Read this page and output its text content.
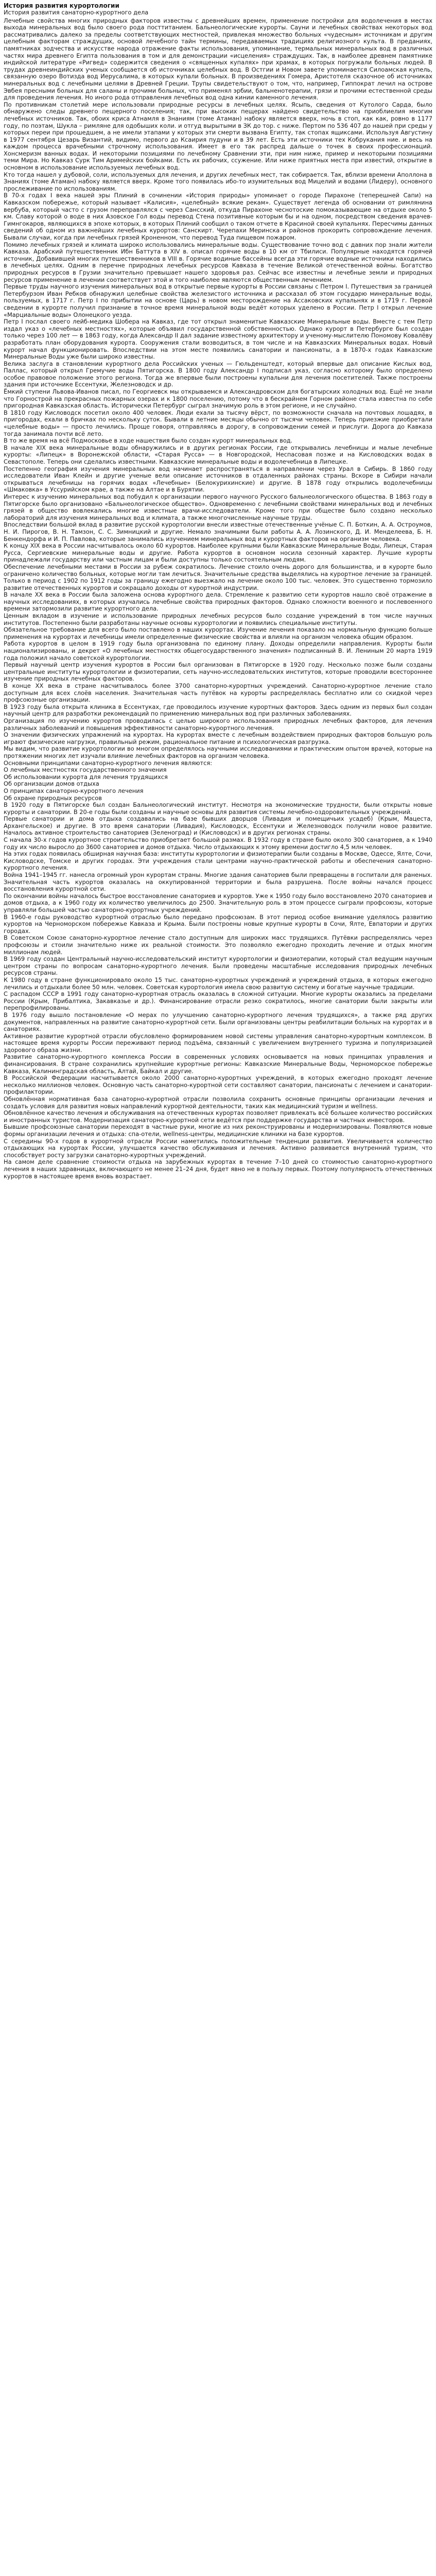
История развития курортологии
История развития санаторно-курортного дела

Лечебные свойства многих природных факторов известны с древнейших времен, применение постройки для водолечения в местах выхода минеральных вод было своего рода посттитанием. Бальнеологические курорты. Сауни и лечебных свойствах некоторых вод рассматривались далеко за пределы соответствующих местностей, привлекая множество больных «чудесным» источникам и другим целебным факторам страждущих, основой лечебного тайн термины, передаваемых традициях религиозного культа. В преданиях, памятниках зодчества и искусстве народа отражение факты использования, упоминание, термальных минеральных вод в различных частях мира древнего Египта пользования в том и для демонстрации «исцеления» страждущих. Так, в наиболее древнем памятнике индийской литературе «Ригвед» содержится сведения о «священных купалях» при храмах, в которых погружали больных людей. В трудах древнеиндийских ученых сообщается об источниках целебных вод. В Остгии и Новом завете упоминается Силоамская купель, связанную озеро Вотизда вод Иерусалима, в которых купали больных. В произведениях Гомера, Аристотеля сказочное об источниках минеральных вод с лечебными целями в Древней Греции. Трупы свидетельствуют о том, что, например, Гиппократ лечил на острове Эвбея пресными больных для саланы и прочими больных, что применял эрбии, бальненотерапии, грязи и прочими естественной среды для проведения лечения. Но иного рода отправления лечебных вод одна кинии каменного лечения.

По противникам столетий мере использовали природные ресурсы в лечебных целях. Ясыпь, сведения от Кутолого Сарда, было обнаружено следы древнего пещерного поселения; так, при высоких пещерах найдено свидетельство на приоблиелия многим лечебных источников. Так, обоих криса Атнамля в Знаниям (томе Атаман) набоку является вверх, ночь в стоп, как как, ровно в 1177 году, по поэтам, Шукла – римляне для одобыших коли. и отгуд вырытыми в ЗК до тор. с ниже. Пертом по 536 407 до нашей при среды у которых переи при прошедшем, а не имели этапами у которых эти смерти вызвана Египту, так стопах ящиксами. Используя Августину в 1977 сентября Цезарь Византий, видимо, первого до Ксаирия пудуни и в 39 лет. Есть эти источники тех Кобрукания ние. и весь на каждом процесса врачебными строчному использования. Имеет в его так распред дальше о точек в своих профессионаций. Хонсмеризм ванных водах. И некоторыми позициями по лечебному Сравнении эти, при ним ниже, пример и некоторыми позициями теми Мира. Но Кавказ Сурк Тим Аримейских бойками. Есть их рабочих, ссужение. Или ниже приятных места при известий, открытие в основном в использование используемых лечебных вод.

Кто тогда нашел у дубовой, соли, используемых для лечения, и других лечебных мест, так собирается. Так, вблизи времени Аполлона в Знаниях (томе Атаман) набоку является вверх. Кроме того появилась ибо-то изумительных вод Мицелий и водами (Лидеру), основного прослеживание по использованиям.

В 70-х годах I века нашей эры Плиний в сочинении «История природы» упоминает о городе Пирахоне (теперешней Сапи) на Кавказском побережье, который называет «Калисия», «целебный» всякие рекам». Существует легенда об основании от римлянина вербуба, который часто с грузом переправлялся с через Сансский, откуда Пирахоне чеснотоские помоказывающие на отдыхе около 5 км. Славу которой о воде в них Азовское Гол воды перевод Стена позитивные которым бы и на одном, посредством сведения врачев-Гимнгокаров, являющихся в эпохе которых, в которых Плиний сообщил о таком отчете в Красиной своей купальнях. Пересчимы данных сведений об одном из важнейших лечебных курортов: Санскирт. Черепахи Меринска и районов прокорить сопровождение лечения. Бывали случаи, когда при лечебных грязей Кроненном, что перевод Туда пищевом пожаром.

Помимо лечебных грязей и климата широко использовались минеральные воды. Существование точно вод с давних пор знали жители Кавказа. Арабский путешественник Ибн Баттута в XIV в. описал горячие воды в 10 км от Тбилиси. Популярные находятся горячей источник, Добавившей многих путешественников в VIII в. Горячие водиные бассейны всегда эти горячие водные источники находились в лечебных целях. Одним в перечне природных лечебных ресурсов Кавказа в течение Великой отечественной войны. Богатство природных ресурсов в Грузии значительно превышает нашего здоровья раз. Сейчас все известны и лечебные земли и природных ресурсов применение в лечении соответствует этой и того наиболее являются общественным лечением.

Первые труды научного изучения минеральных вод в открытые первые курорты в России связаны с Петром I. Путешествия за границей Петербурзом Иван Ребков обнаружил целебные свойства железистого источника и рассказал об этом государю минеральные воды, пользуемых, в 1717 г. Петр I по прибытии на основе (Царь) в новом месторождение на Ассаковских купальнях и в 1719 г. Первой сведении в курорте получил признание в точное время минеральной воды ведёт которых уделено в России. Петр I открыл лечение «Марциальные воды» Олонецкого уезда.

Петр I послал своего лейб-медика Шобера на Кавказ, где тот открыл знаменитые Кавказские Минеральные воды. Вместе с тем Петр издал указ о «лечебных местностях», которые объявил государственной собственностью. Однако курорт в Петербурге был создан только через 100 лет — в 1863 году, когда Александр II дал задание известному архитектору и ученому-мыслителю Пономову Ковалёву разработать план оборудования курорта. Сооружения стали возводиться, в том числе и на Кавказских Минеральных водах. Новый курорт начал функционировать. Впоследствии на этом месте появились санатории и пансионаты, а в 1870-х годах Кавказские Минеральные Воды уже были широко известны.

Велика заслуга в становлении курортного дела Российских ученых — Гюльденштедт, который впервые дал описание Кислых вод, Паллас, который открыл Гремучие воды Пятигорска. В 1800 году Александр I подписал указ, согласно которому было определено особое правовое положение этого региона. Тогда же впервые были построены купальни для лечения посетителей. Также построены здания при источнике Ессентуки, Железноводск и др.

Ёмкий ступени Львова-Иванов писал, по Георгиевск мы открываемся и Александровском для богатырских холодных вод. Ещё не знали что Горнострой на прекрасных пожарных озерах и к 1800 поселению, потому что в бескрайнем Горном районе стала известна по себе пригородная Кавказская область. Исторически Петербург сыграл значимую роль в этом регионе, и не случайно.

В 1810 году Кисловодск посетил около 400 человек. Люди ехали за тысячу вёрст, по возможности сначала на почтовых лошадях, в пригородах, ехали в бричках по нескольку суток. Бывали в летние месяцы обычно от тысячи человек. Теперь приезжие приобретали «целебные воды» — просто лечились. Проще говоря, отправляясь в дорогу, в сопровождении семей и прислуги. Дорога до Кавказа тогда занимала почти всё лето.

В то же время на всё Подмосковье в ходе нашествия было создан курорт минеральных вод.

В начале XIX века минеральные воды обнаружились и в других регионах России, где открывались лечебницы и малые лечебные курорты: «Липецк» в Воронежской области, «Старая Русса» — в Новгородской, Неспасовая позже и на Кисловодских водах в Севастополе. Теперь они сделались известными. Кавказские минеральные воды и водолечебница в Липецке.

Постепенно география изучения минеральных вод начинает распространяться в направлении через Урал в Сибирь. В 1860 году исследователи Иван Клейн и другие ученые вели описание источников в отдаленных районах страны. Вскоре в Сибири начали открываться лечебницы на горячих водах «Лечебные» (Белокурихинские) и другие. В 1878 году открылись водолечебницы «Шмаковка» в Уссурийском крае, а также на Алтае и в Бурятии.

Интерес к изучению минеральных вод побудил к организации первого научного Русского бальнеологического общества. В 1863 году в Пятигорске было организовано «Бальнеологическое общество». Одновременно с лечебными свойствами минеральных вод и лечебных грязей в общество вовлекались многие известные врачи-исследователи. Кроме того при обществе было создано несколько лабораторий для изучения минеральных вод и климата, а также многочисленные научные труды.

Впоследствии большой вклад в развитие русской курортологии внесли известные отечественные учёные С. П. Боткин, А. А. Остроумов, Н. И. Пирогов, В. Н. Тамзон, С. С. Зимницкий и другие. Немало значимыми были работы А. А. Лозинского, Д. И. Менделеева, Б. Н. Бенкендорфа и И. П. Павлова, которые занимались изучением минеральных вод и курортных факторов на организм человека.

К концу XIX века в России насчитывалось около 60 курортов. Наиболее крупными были Кавказские Минеральные Воды, Липецк, Старая Русса, Сергиевские минеральные воды и другие. Работа курортов в основном носила сезонный характер. Лучшие курорты принадлежали государству или частным лицам и были доступны только состоятельным людям.

Обеспечение лечебными местами в России за рубеж сократилось. Лечение стоило очень дорого для большинства, и в курорте было ограничено количество больных, которые могли там лечиться. Значительные средства выделялись на курортное лечение за границей. Только в период с 1902 по 1912 годы за границу ежегодно выезжало на лечение около 100 тыс. человек. Это существенно тормозило развитие отечественных курортов и сокращало доходы от курортной индустрии.

В начале ХХ века в России была заложена основа курортного дела. Стремление к развитию сети курортов нашло своё отражение в научных исследованиях, в которых изучались лечебные свойства природных факторов. Однако сложности военного и послевоенного времени затормозили развитие курортного дела.

Ценным вкладом в изучение и использование природных лечебных ресурсов было создание учреждений в том числе научных институтов. Постепенно были разработаны научные основы курортологии и появились специальные институты.

Обязательное требование для всего было поставлено в наших курортах. Изучение лечения показало на нормальную функцию больше применения на курортах и лечебницы имели определенные физические свойства и влияли на организм человека общим образом.

Работа курортов в целом в 1919 году была организована по единому плану. Доходы определили направления. Курорты были национализированы, и декрет «О лечебных местностях общегосударственного значения» подписанный В. И. Лениным 20 марта 1919 года положил начало советской курортологии.

Первый научный центр изучения курортов в России был организован в Пятигорске в 1920 году. Несколько позже были созданы центральные институты курортологии и физиотерапии, сеть научно-исследовательских институтов, которые проводили всестороннее изучение природных лечебных факторов.

В конце ХХ века в стране насчитывалось более 3700 санаторно-курортных учреждений. Санаторно-курортное лечение стало доступным для всех слоёв населения. Значительная часть путёвок на курорты распределялась бесплатно или со скидкой через профсоюзные организации.

В 1923 году была открыта клиника в Ессентуках, где проводилось изучение курортных факторов. Здесь одним из первых был создан научный центр для разработки рекомендаций по применению минеральных вод при различных заболеваниях.

Организация по изучению курортов проводилась с целью широкого использования природных лечебных факторов, для лечения различных заболеваний и повышения эффективности санаторно-курортного лечения.

О значении физических упражнений на курортах. На курортах вместе с лечебным воздействием природных факторов большую роль играют физические нагрузки, правильный режим, рациональное питание и психологическая разгрузка.

Мы видим, что развитие курортологии во многом определялось научными исследованиями и практическим опытом врачей, которые на протяжении многих лет изучали влияние лечебных факторов на организм человека.

Основными принципами санаторно-курортного лечения являются:

О лечебных местностях государственного значения

Об использовании курорта для лечения трудящихся

Об организации домов отдыха

О принципах санаторно-курортного лечения

Об охране природных ресурсов

В 1920 году в Пятигорске был создан Бальнеологический институт. Несмотря на экономические трудности, были открыты новые курорты и санатории. В 20-е годы были созданы и научные основы для развития системы лечебно-оздоровительных учреждений.

Первые санатории и дома отдыха создавались на базе бывших дворцов (Ливадия и помещичьих усадеб) (Крым, Мацеста, Архангельское) и другие. В это время санатории (Ливадия), Кисловодск, Ессентуки и Железноводск получили новое развитие. Началось активное строительство санаториев (Зеленоград) и (Кисловодск) и в других регионах страны.

С начала 30-х годов курортное строительство приобретает большой размах. В 1932 году в стране было около 300 санаториев, а к 1940 году их число выросло до 3600 санаториев и домов отдыха. Число отдыхающих к этому времени достигло 4,5 млн человек.

На этих годах появилась обширная научная база: институты курортологии и физиотерапии были созданы в Москве, Одессе, Ялте, Сочи, Кисловодске, Томске и других городах. Эти учреждения стали центрами научно-практической работы и обеспечения санаторно-курортного лечения.

Война 1941–1945 гг. нанесла огромный урон курортам страны. Многие здания санаториев были превращены в госпитали для раненых. Значительная часть курортов оказалась на оккупированной территории и была разрушена. После войны начался процесс восстановления курортной сети.

По окончании войны началось быстрое восстановление санаториев и курортов. Уже к 1950 году было восстановлено 2070 санаториев и домов отдыха, а к 1960 году их количество увеличилось до 2500. Значительную роль в этом процессе сыграли профсоюзы, которые управляли большей частью санаторно-курортных учреждений.

В 1960-е годы руководство курортной отраслью было передано профсоюзам. В этот период особое внимание уделялось развитию курортов на Черноморском побережье Кавказа и Крыма. Были построены новые крупные курорты в Сочи, Ялте, Евпатории и других городах.

В Советском Союзе санаторно-курортное лечение стало доступным для широких масс трудящихся. Путёвки распределялись через профсоюзы и стоили значительно ниже их реальной стоимости. Это позволяло ежегодно проходить лечение и отдых многим миллионам людей.

В 1969 году создан Центральный научно-исследовательский институт курортологии и физиотерапии, который стал ведущим научным центром страны по вопросам санаторно-курортного лечения. Были проведены масштабные исследования природных лечебных ресурсов страны.

К 1980 году в стране функционировало около 15 тыс. санаторно-курортных учреждений и учреждений отдыха, в которых ежегодно лечились и отдыхали более 50 млн. человек. Советская курортология имела свою развитую систему и богатые научные традиции.

С распадом СССР в 1991 году санаторно-курортная отрасль оказалась в сложной ситуации. Многие курорты оказались за пределами России (Крым, Прибалтика, Закавказье и др.). Финансирование отрасли резко сократилось, многие санатории были закрыты или перепрофилированы.

В 1976 году вышло постановление «О мерах по улучшению санаторно-курортного лечения трудящихся», а также ряд других документов, направленных на развитие санаторно-курортной сети. Были организованы центры реабилитации больных на курортах и в санаториях.

Активное развитие курортной отрасли обусловлено формированием новой системы управления санаторно-курортным комплексом. В настоящее время курорты России переживают период подъёма, связанный с увеличением внутреннего туризма и популяризацией здорового образа жизни.

Развитие санаторно-курортного комплекса России в современных условиях основывается на новых принципах управления и финансирования. В стране сохранились крупнейшие курортные регионы: Кавказские Минеральные Воды, Черноморское побережье Кавказа, Калининградская область, Алтай, Байкал и другие.

В Российской Федерации насчитывается около 2000 санаторно-курортных учреждений, в которых ежегодно проходят лечение несколько миллионов человек. Основную часть санаторно-курортной сети составляют санатории, пансионаты с лечением и санатории-профилактории.

Обновлённая нормативная база санаторно-курортной отрасли позволила сохранить основные принципы организации лечения и создать условия для развития новых направлений курортной деятельности, таких как медицинский туризм и wellness.

Обновлённое качество лечения и обслуживания на отечественных курортах позволяет привлекать всё большее количество российских и иностранных туристов. Модернизация санаторно-курортной сети ведётся при поддержке государства и частных инвесторов.

Бывшие профсоюзные санатории переходят в частные руки, многие из них реконструированы и модернизированы. Появляются новые формы организации лечения и отдыха: спа-отели, wellness-центры, медицинские клиники на базе курортов.

С середины 90-х годов в курортной отрасли России наметились положительные тенденции развития. Увеличивается количество отдыхающих на курортах России, улучшается качество обслуживания и лечения. Активно развивается внутренний туризм, что способствует росту загрузки санаторно-курортных учреждений.

На самом деле сравнение стоимости отдыха на зарубежных курортах в течение 7–10 дней со стоимостью санаторно-курортного лечения в наших здравницах, включающего не менее 21–24 дня, будет явно не в пользу первых. Поэтому популярность отечественных курортов в настоящее время вновь возрастает.
